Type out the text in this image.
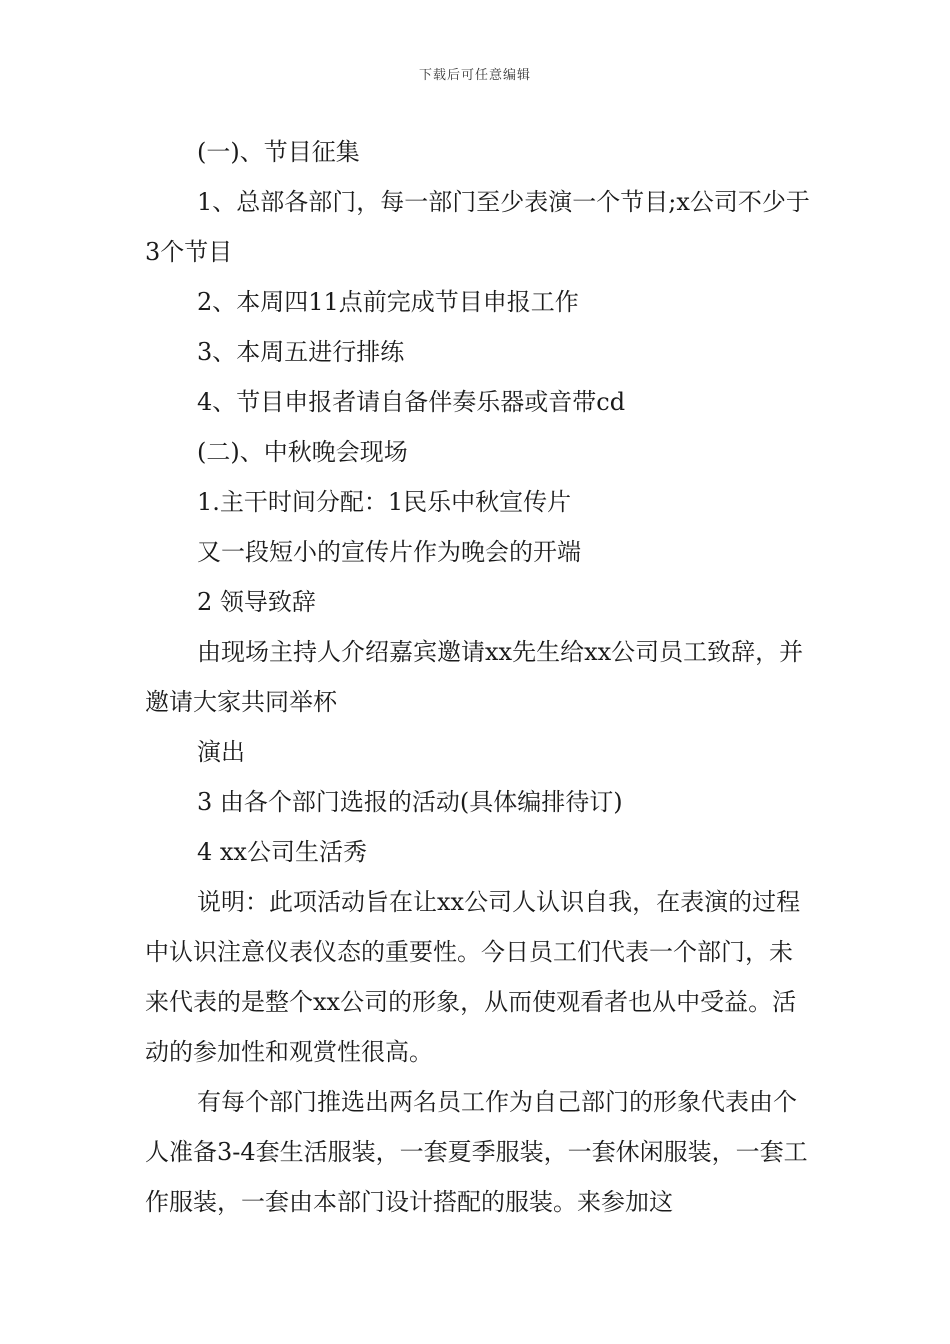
下载后可任意编辑

(一)、节目征集

1、总部各部门，每一部门至少表演一个节目;x公司不少于3个节目

2、本周四11点前完成节目申报工作

3、本周五进行排练

4、节目申报者请自备伴奏乐器或音带cd

(二)、中秋晚会现场

1.主干时间分配：1民乐中秋宣传片

又一段短小的宣传片作为晚会的开端

2 领导致辞

由现场主持人介绍嘉宾邀请xx先生给xx公司员工致辞，并邀请大家共同举杯

演出

3 由各个部门选报的活动(具体编排待订)

4 xx公司生活秀

说明：此项活动旨在让xx公司人认识自我，在表演的过程中认识注意仪表仪态的重要性。今日员工们代表一个部门，未来代表的是整个xx公司的形象，从而使观看者也从中受益。活动的参加性和观赏性很高。

有每个部门推选出两名员工作为自己部门的形象代表由个人准备3-4套生活服装，一套夏季服装，一套休闲服装，一套工作服装，一套由本部门设计搭配的服装。来参加这
